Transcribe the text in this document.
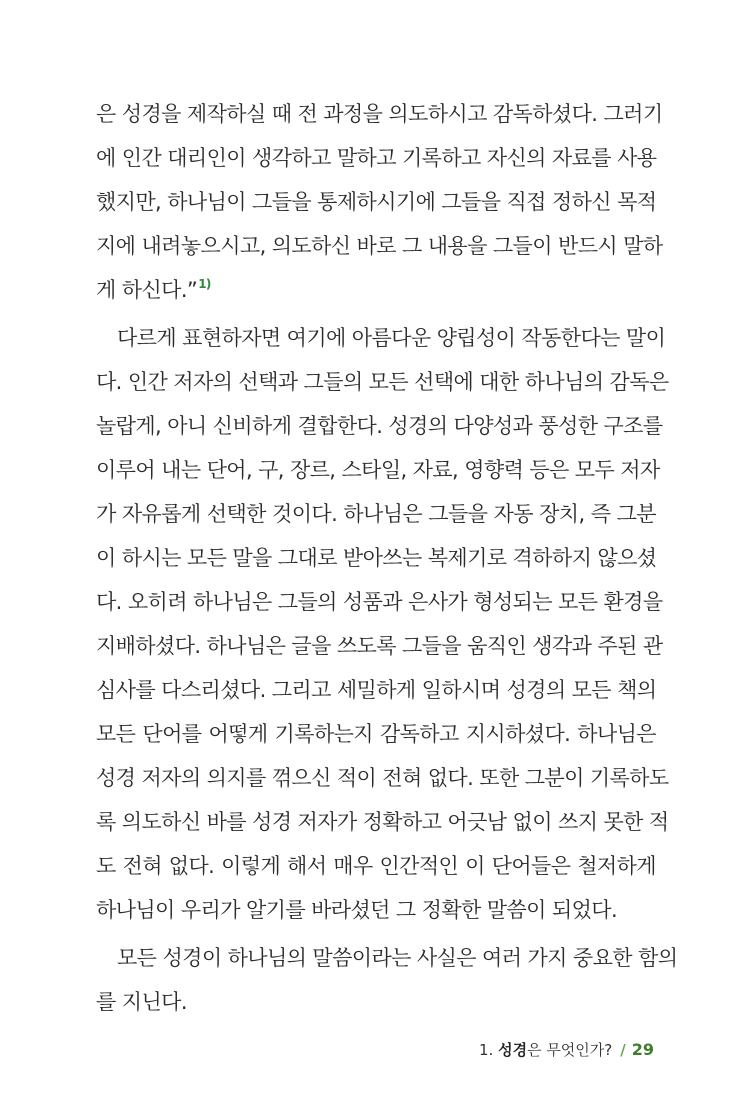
은 성경을 제작하실 때 전 과정을 의도하시고 감독하셨다. 그러기
에 인간 대리인이 생각하고 말하고 기록하고 자신의 자료를 사용
했지만, 하나님이 그들을 통제하시기에 그들을 직접 정하신 목적
지에 내려놓으시고, 의도하신 바로 그 내용을 그들이 반드시 말하
게 하신다.”$^{1)}$
다르게 표현하자면 여기에 아름다운 양립성이 작동한다는 말이
다. 인간 저자의 선택과 그들의 모든 선택에 대한 하나님의 감독은
놀랍게, 아니 신비하게 결합한다. 성경의 다양성과 풍성한 구조를
이루어 내는 단어, 구, 장르, 스타일, 자료, 영향력 등은 모두 저자
가 자유롭게 선택한 것이다. 하나님은 그들을 자동 장치, 즉 그분
이 하시는 모든 말을 그대로 받아쓰는 복제기로 격하하지 않으셨
다. 오히려 하나님은 그들의 성품과 은사가 형성되는 모든 환경을
지배하셨다. 하나님은 글을 쓰도록 그들을 움직인 생각과 주된 관
심사를 다스리셨다. 그리고 세밀하게 일하시며 성경의 모든 책의
모든 단어를 어떻게 기록하는지 감독하고 지시하셨다. 하나님은
성경 저자의 의지를 꺾으신 적이 전혀 없다. 또한 그분이 기록하도
록 의도하신 바를 성경 저자가 정확하고 어긋남 없이 쓰지 못한 적
도 전혀 없다. 이렇게 해서 매우 인간적인 이 단어들은 철저하게
하나님이 우리가 알기를 바라셨던 그 정확한 말씀이 되었다.
모든 성경이 하나님의 말씀이라는 사실은 여러 가지 중요한 함의
를 지닌다.
1. 성경은 무엇인가? / 29
